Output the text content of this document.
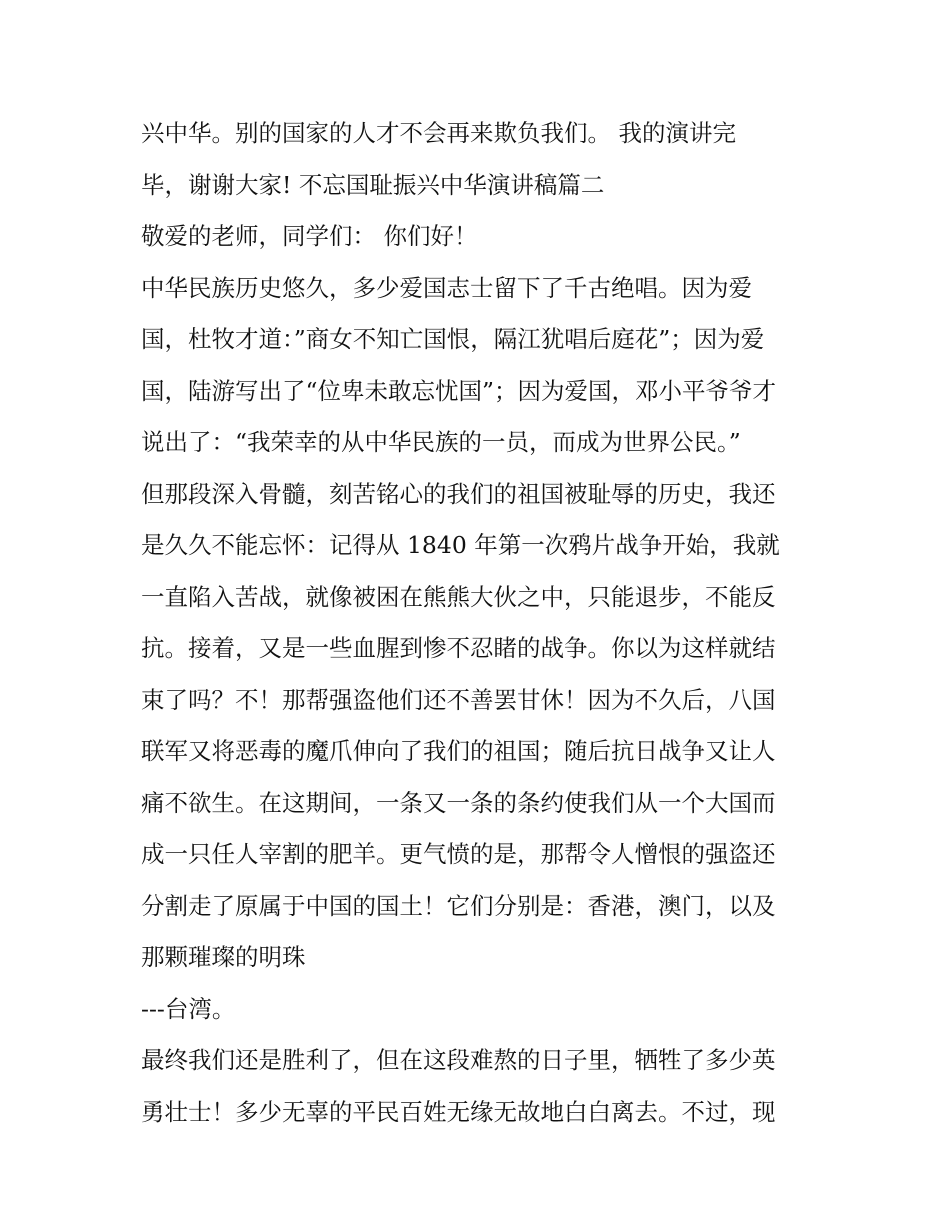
兴中华。别的国家的人才不会再来欺负我们。 我的演讲完
毕，谢谢大家! 不忘国耻振兴中华演讲稿篇二
敬爱的老师，同学们： 你们好！
中华民族历史悠久，多少爱国志士留下了千古绝唱。因为爱
国，杜牧才道：”商女不知亡国恨，隔江犹唱后庭花”；因为爱
国，陆游写出了“位卑未敢忘忧国”；因为爱国，邓小平爷爷才
说出了：“我荣幸的从中华民族的一员，而成为世界公民。”
但那段深入骨髓，刻苦铭心的我们的祖国被耻辱的历史，我还
是久久不能忘怀：记得从 1840 年第一次鸦片战争开始，我就
一直陷入苦战，就像被困在熊熊大伙之中，只能退步，不能反
抗。接着，又是一些血腥到惨不忍睹的战争。你以为这样就结
束了吗？不！那帮强盗他们还不善罢甘休！因为不久后，八国
联军又将恶毒的魔爪伸向了我们的祖国；随后抗日战争又让人
痛不欲生。在这期间，一条又一条的条约使我们从一个大国而
成一只任人宰割的肥羊。更气愤的是，那帮令人憎恨的强盗还
分割走了原属于中国的国土！它们分别是：香港，澳门，以及
那颗璀璨的明珠
---台湾。
最终我们还是胜利了，但在这段难熬的日子里，牺牲了多少英
勇壮士！多少无辜的平民百姓无缘无故地白白离去。不过，现
